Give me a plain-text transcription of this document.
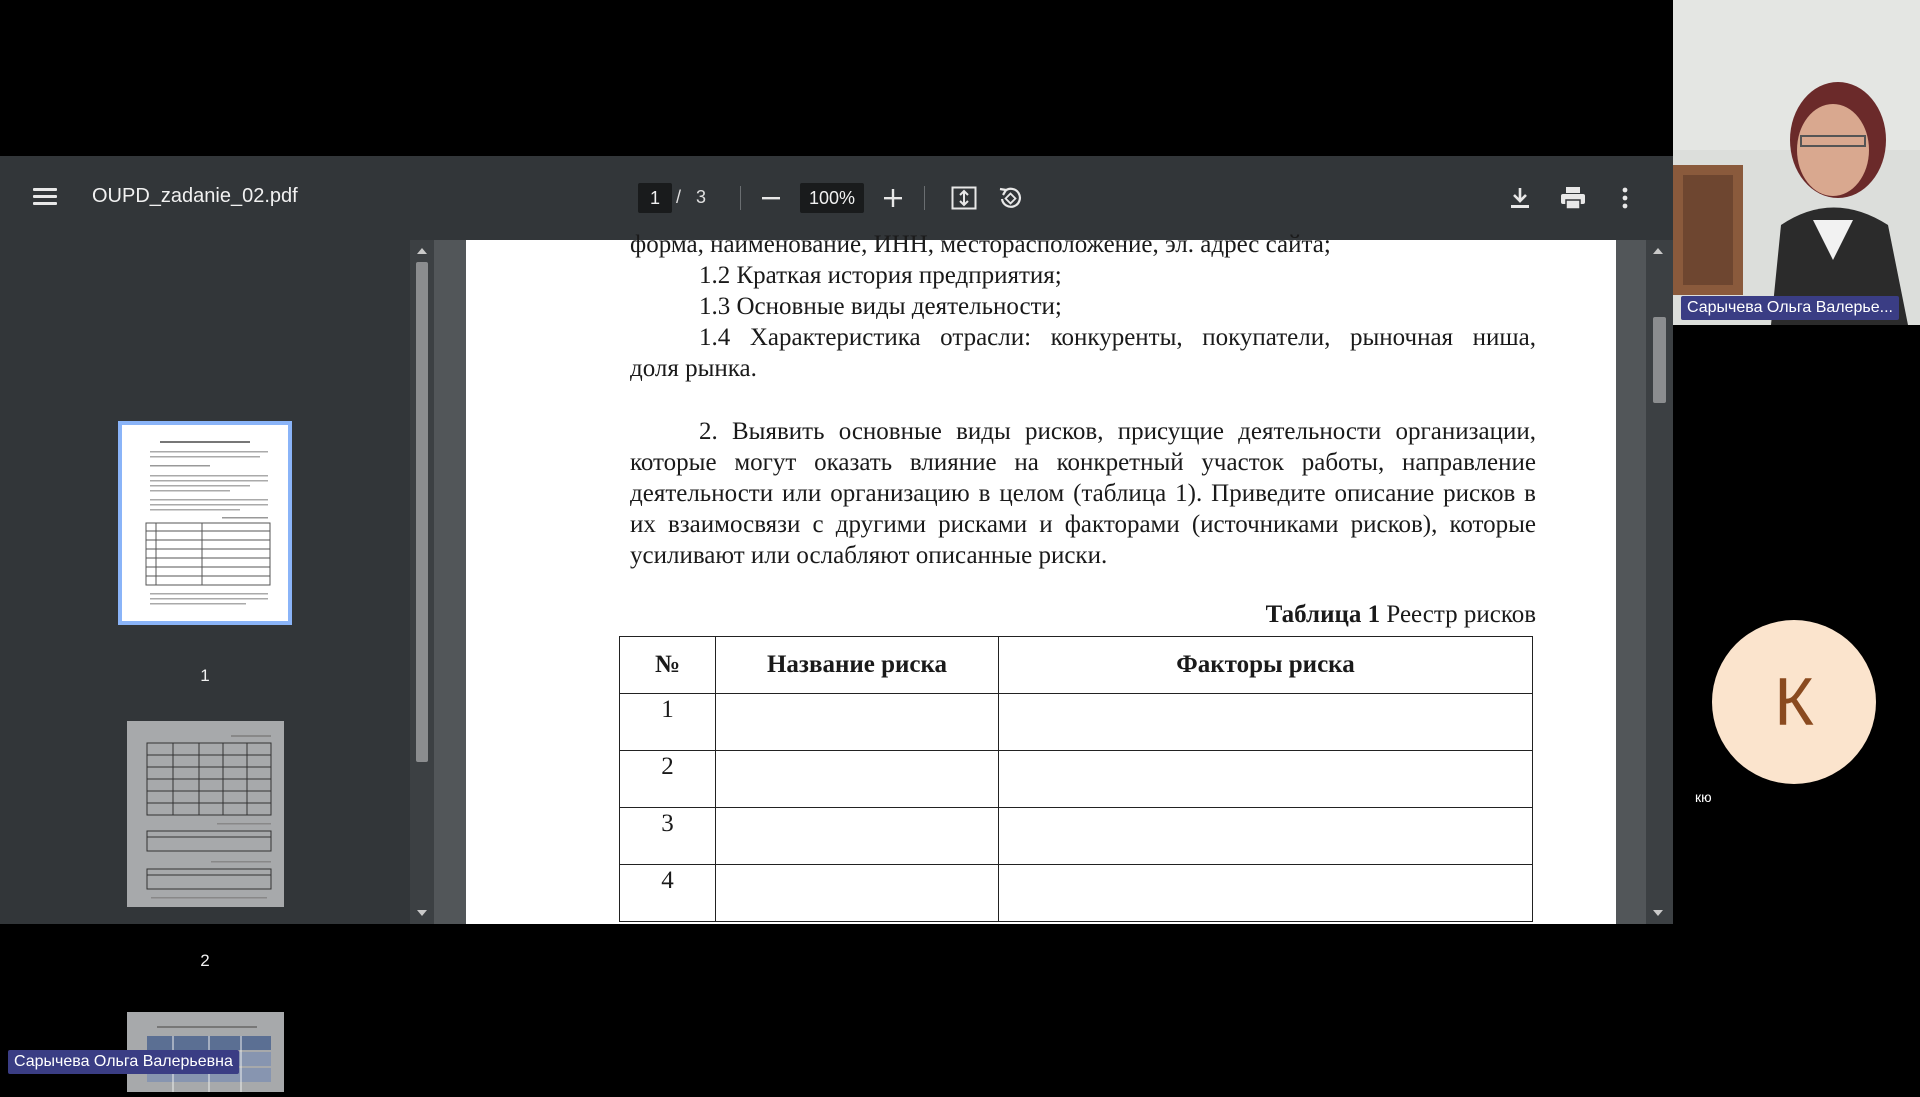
OUPD_zadanie_02.pdf	1 / 3	100%
1
2
форма, наименование, ИНН, месторасположение, эл. адрес сайта;
1.2 Краткая история предприятия;
1.3 Основные виды деятельности;
1.4 Характеристика отрасли: конкуренты, покупатели, рыночная ниша,
доля рынка.
2. Выявить основные виды рисков, присущие деятельности организации, которые могут оказать влияние на конкретный участок работы, направление деятельности или организацию в целом (таблица 1). Приведите описание рисков в их взаимосвязи с другими рисками и факторами (источниками рисков), которые усиливают или ослабляют описанные риски.
Таблица 1 Реестр рисков
№	Название риска	Факторы риска
1		
2		
3		
4		
Сарычева Ольга Валерье...
К
кю
Сарычева Ольга Валерьевна
